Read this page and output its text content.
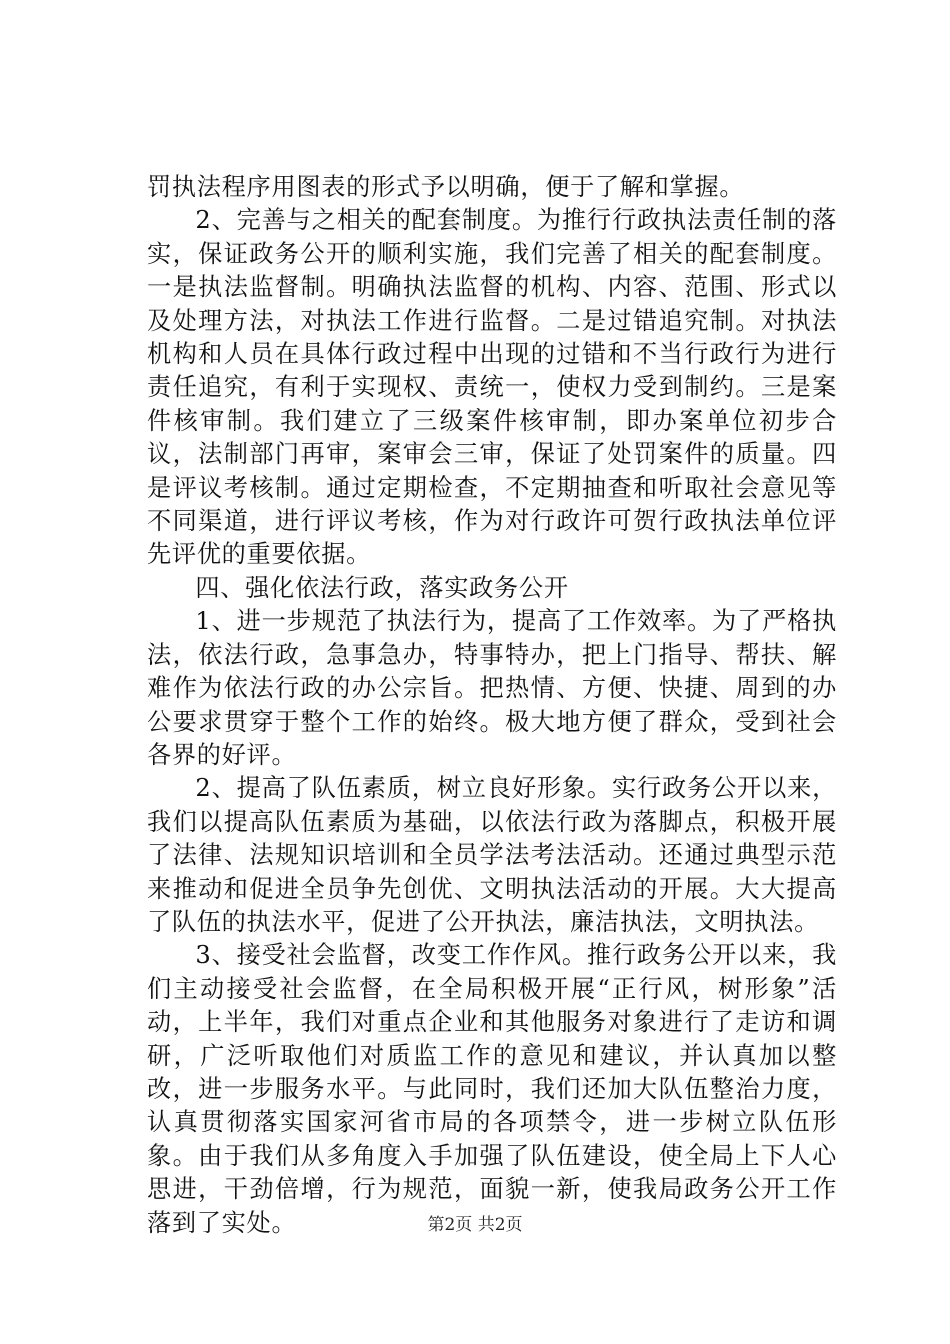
罚执法程序用图表的形式予以明确，便于了解和掌握。

2、完善与之相关的配套制度。为推行行政执法责任制的落实，保证政务公开的顺利实施，我们完善了相关的配套制度。一是执法监督制。明确执法监督的机构、内容、范围、形式以及处理方法，对执法工作进行监督。二是过错追究制。对执法机构和人员在具体行政过程中出现的过错和不当行政行为进行责任追究，有利于实现权、责统一，使权力受到制约。三是案件核审制。我们建立了三级案件核审制，即办案单位初步合议，法制部门再审，案审会三审，保证了处罚案件的质量。四是评议考核制。通过定期检查，不定期抽查和听取社会意见等不同渠道，进行评议考核，作为对行政许可贺行政执法单位评先评优的重要依据。

四、强化依法行政，落实政务公开

1、进一步规范了执法行为，提高了工作效率。为了严格执法，依法行政，急事急办，特事特办，把上门指导、帮扶、解难作为依法行政的办公宗旨。把热情、方便、快捷、周到的办公要求贯穿于整个工作的始终。极大地方便了群众，受到社会各界的好评。

2、提高了队伍素质，树立良好形象。实行政务公开以来，我们以提高队伍素质为基础，以依法行政为落脚点，积极开展了法律、法规知识培训和全员学法考法活动。还通过典型示范来推动和促进全员争先创优、文明执法活动的开展。大大提高了队伍的执法水平，促进了公开执法，廉洁执法，文明执法。

3、接受社会监督，改变工作作风。推行政务公开以来，我们主动接受社会监督，在全局积极开展“正行风，树形象”活动，上半年，我们对重点企业和其他服务对象进行了走访和调研，广泛听取他们对质监工作的意见和建议，并认真加以整改，进一步服务水平。与此同时，我们还加大队伍整治力度，认真贯彻落实国家河省市局的各项禁令，进一步树立队伍形象。由于我们从多角度入手加强了队伍建设，使全局上下人心思进，干劲倍增，行为规范，面貌一新，使我局政务公开工作落到了实处。	第2页 共2页
